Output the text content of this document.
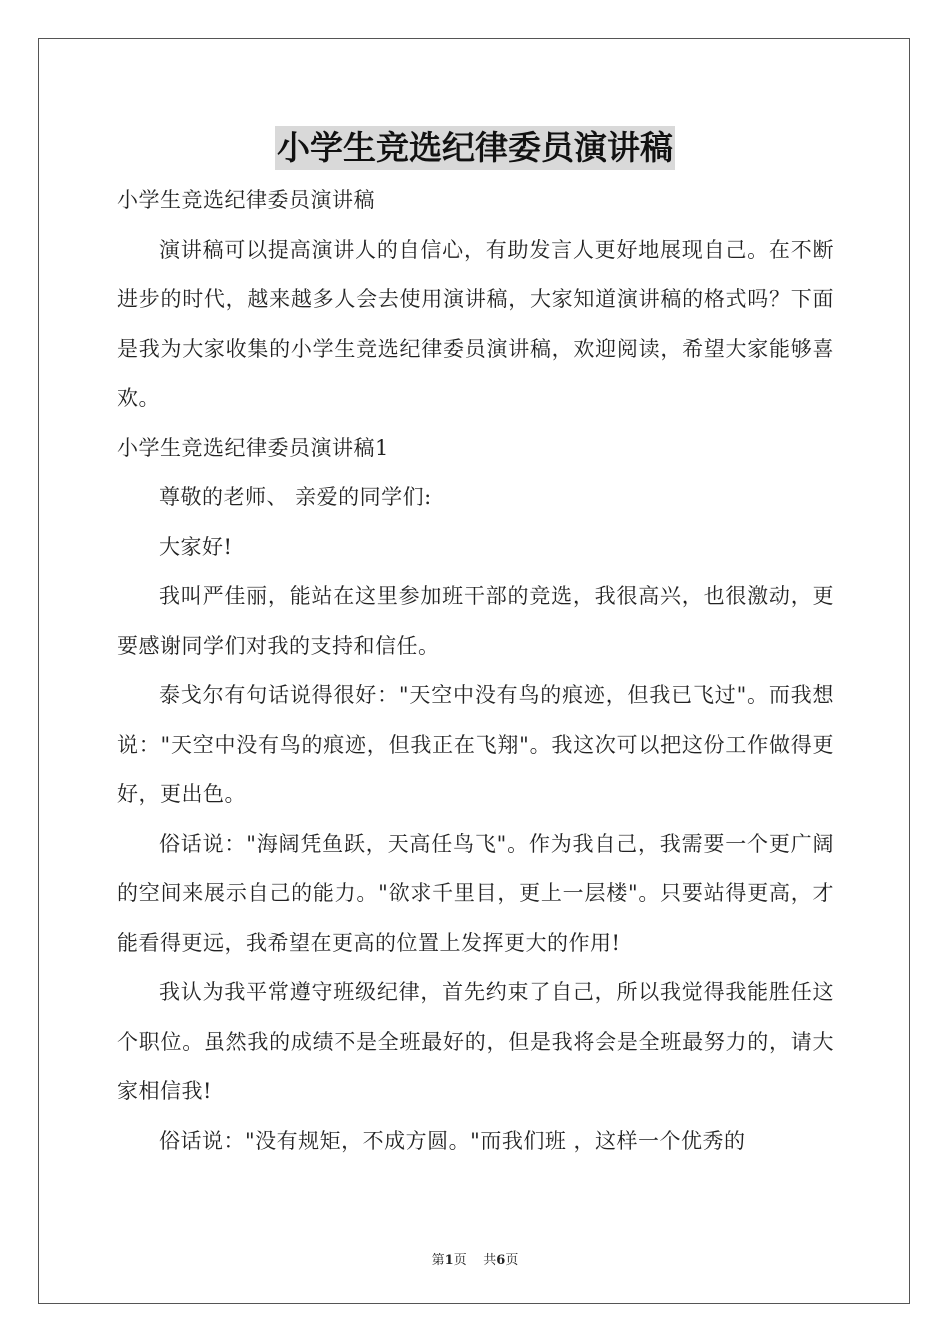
小学生竞选纪律委员演讲稿

小学生竞选纪律委员演讲稿

演讲稿可以提高演讲人的自信心，有助发言人更好地展现自己。在不断进步的时代，越来越多人会去使用演讲稿，大家知道演讲稿的格式吗？下面是我为大家收集的小学生竞选纪律委员演讲稿，欢迎阅读，希望大家能够喜欢。

小学生竞选纪律委员演讲稿1

尊敬的老师、 亲爱的同学们:

大家好!

我叫严佳丽，能站在这里参加班干部的竞选，我很高兴，也很激动，更要感谢同学们对我的支持和信任。

泰戈尔有句话说得很好："天空中没有鸟的痕迹，但我已飞过"。而我想说："天空中没有鸟的痕迹，但我正在飞翔"。我这次可以把这份工作做得更好，更出色。

俗话说："海阔凭鱼跃，天高任鸟飞"。作为我自己，我需要一个更广阔的空间来展示自己的能力。"欲求千里目，更上一层楼"。只要站得更高，才能看得更远，我希望在更高的位置上发挥更大的作用!

我认为我平常遵守班级纪律，首先约束了自己，所以我觉得我能胜任这个职位。虽然我的成绩不是全班最好的，但是我将会是全班最努力的，请大家相信我!

俗话说："没有规矩，不成方圆。"而我们班 ，这样一个优秀的

第1页 共6页
